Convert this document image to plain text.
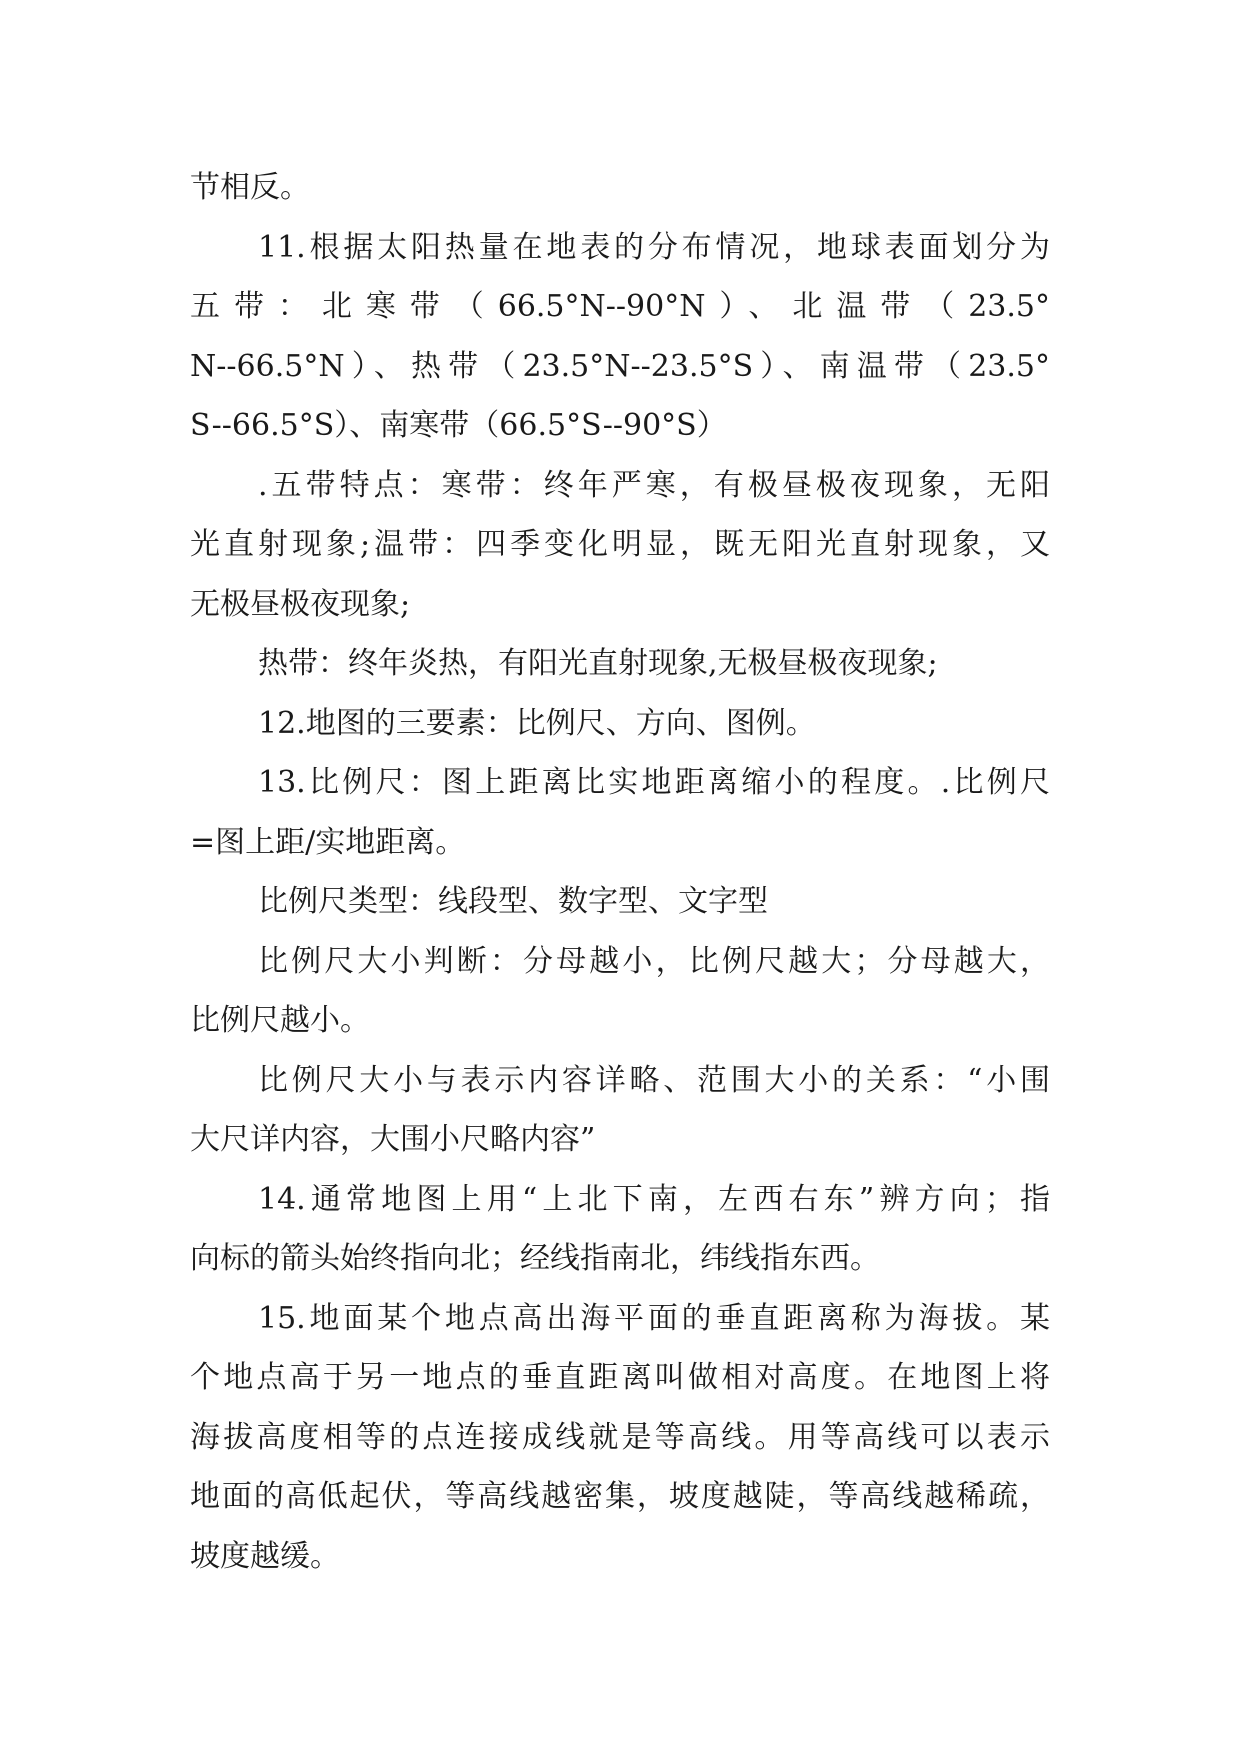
节相反。
11.根据太阳热量在地表的分布情况，地球表面划分为
五带：北寒带（66.5°N--90°N）、北温带（23.5°
N--66.5°N）、热带（23.5°N--23.5°S）、南温带（23.5°
S--66.5°S）、南寒带（66.5°S--90°S）
.五带特点：寒带：终年严寒，有极昼极夜现象，无阳
光直射现象;温带：四季变化明显，既无阳光直射现象，又
无极昼极夜现象;
热带：终年炎热，有阳光直射现象,无极昼极夜现象;
12.地图的三要素：比例尺、方向、图例。
13.比例尺：图上距离比实地距离缩小的程度。.比例尺
=图上距/实地距离。
比例尺类型：线段型、数字型、文字型
比例尺大小判断：分母越小，比例尺越大；分母越大，
比例尺越小。
比例尺大小与表示内容详略、范围大小的关系：“小围
大尺详内容，大围小尺略内容”
14.通常地图上用“上北下南，左西右东”辨方向；指
向标的箭头始终指向北；经线指南北，纬线指东西。
15.地面某个地点高出海平面的垂直距离称为海拔。某
个地点高于另一地点的垂直距离叫做相对高度。在地图上将
海拔高度相等的点连接成线就是等高线。用等高线可以表示
地面的高低起伏，等高线越密集，坡度越陡，等高线越稀疏，
坡度越缓。
